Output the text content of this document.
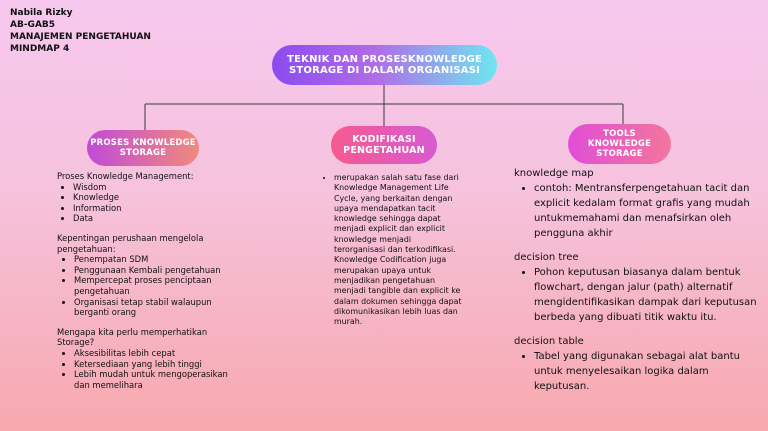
Nabila Rizky
AB-GAB5
MANAJEMEN PENGETAHUAN
MINDMAP 4
TEKNIK DAN PROSESKNOWLEDGE
STORAGE DI DALAM ORGANISASI
PROSES KNOWLEDGE
STORAGE
KODIFIKASI
PENGETAHUAN
TOOLS
KNOWLEDGE
STORAGE
Proses Knowledge Management:
• Wisdom
• Knowledge
• Information
• Data
Kepentingan perushaan mengelola pengetahuan:
• Penempatan SDM
• Penggunaan Kembali pengetahuan
• Mempercepat proses penciptaan pengetahuan
• Organisasi tetap stabil walaupun berganti orang
Mengapa kita perlu memperhatikan Storage?
• Aksesibilitas lebih cepat
• Ketersediaan yang lebih tinggi
• Lebih mudah untuk mengoperasikan dan memelihara
• merupakan salah satu fase dari Knowledge Management Life Cycle, yang berkaitan dengan upaya mendapatkan tacit knowledge sehingga dapat menjadi explicit dan explicit knowledge menjadi terorganisasi dan terkodifikasi. Knowledge Codification juga merupakan upaya untuk menjadikan pengetahuan menjadi tangible dan explicit ke dalam dokumen sehingga dapat dikomunikasikan lebih luas dan murah.
knowledge map
• contoh: Mentransferpengetahuan tacit dan explicit kedalam format grafis yang mudah untukmemahami dan menafsirkan oleh pengguna akhir
decision tree
• Pohon keputusan biasanya dalam bentuk flowchart, dengan jalur (path) alternatif mengidentifikasikan dampak dari keputusan berbeda yang dibuati titik waktu itu.
decision table
• Tabel yang digunakan sebagai alat bantu untuk menyelesaikan logika dalam keputusan.
